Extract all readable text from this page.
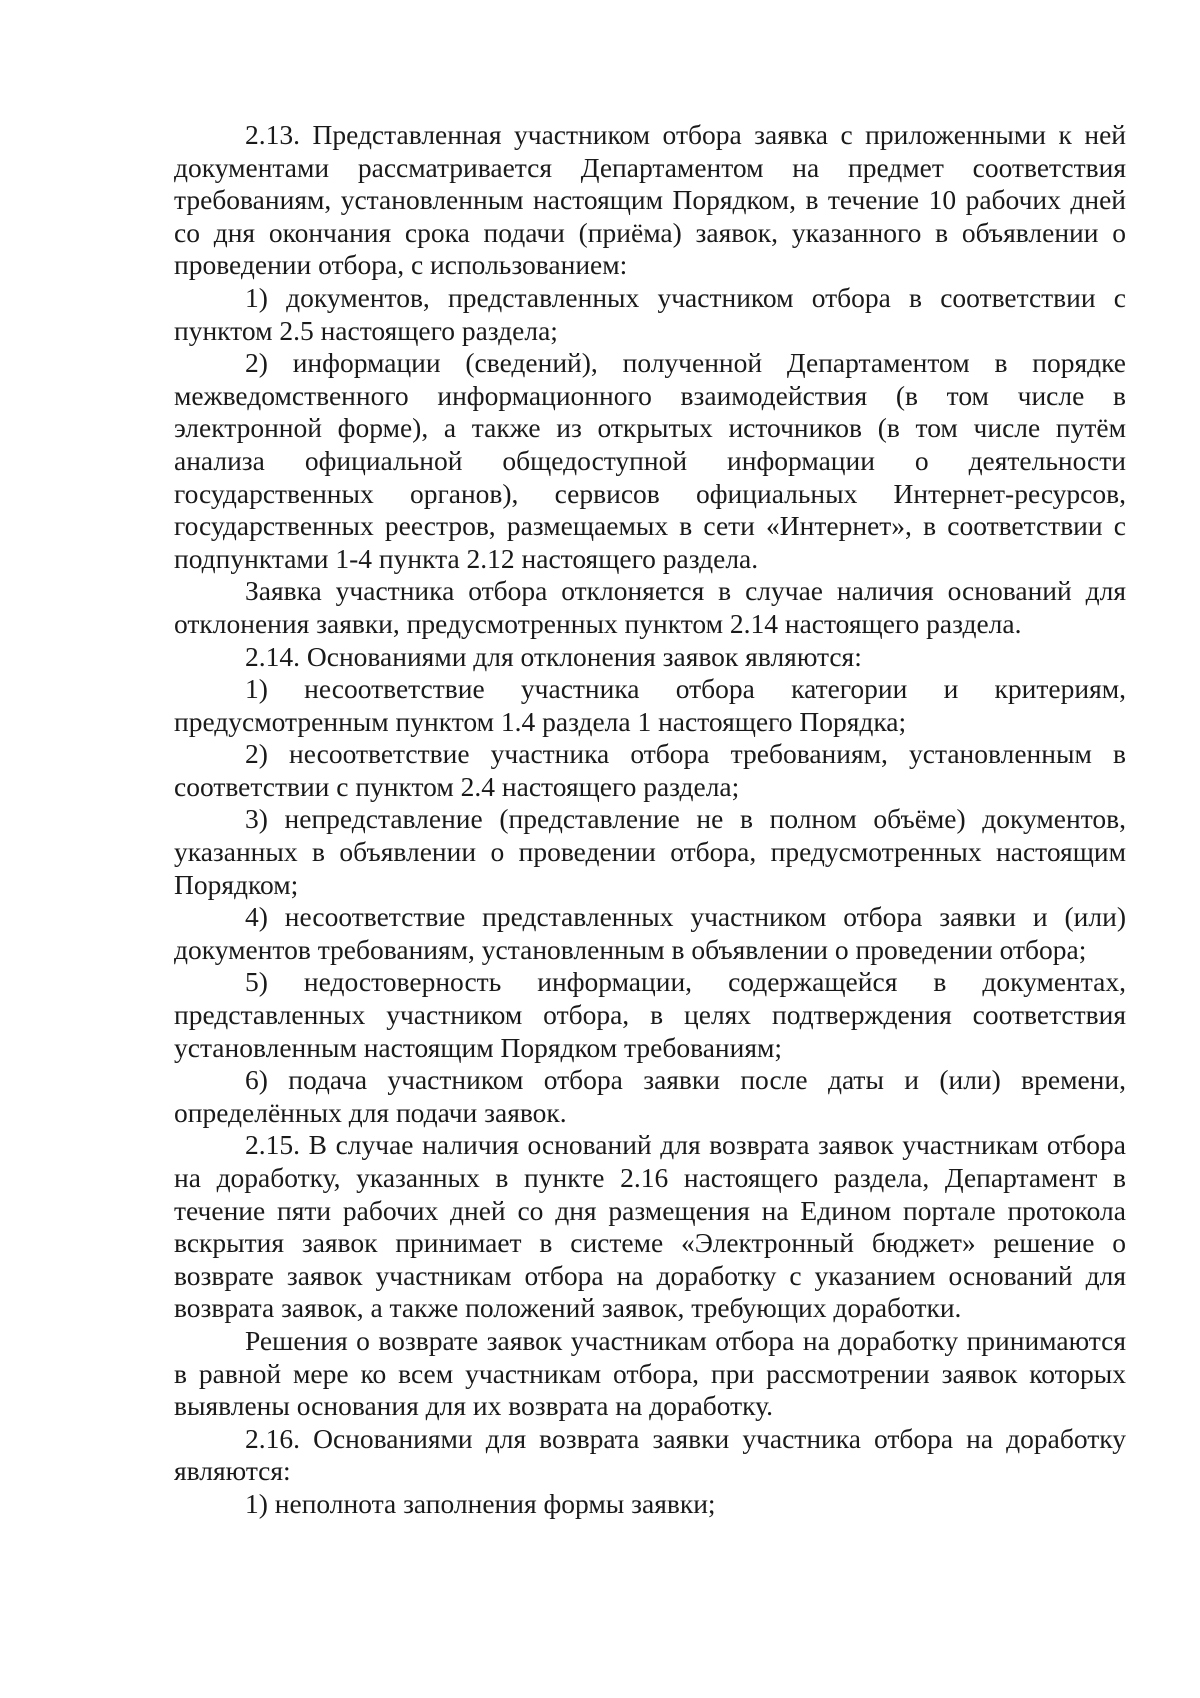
2.13. Представленная участником отбора заявка с приложенными к ней документами рассматривается Департаментом на предмет соответствия требованиям, установленным настоящим Порядком, в течение 10 рабочих дней со дня окончания срока подачи (приёма) заявок, указанного в объявлении о проведении отбора, с использованием:

1) документов, представленных участником отбора в соответствии с пунктом 2.5 настоящего раздела;

2) информации (сведений), полученной Департаментом в порядке межведомственного информационного взаимодействия (в том числе в электронной форме), а также из открытых источников (в том числе путём анализа официальной общедоступной информации о деятельности государственных органов), сервисов официальных Интернет-ресурсов, государственных реестров, размещаемых в сети «Интернет», в соответствии с подпунктами 1-4 пункта 2.12 настоящего раздела.

Заявка участника отбора отклоняется в случае наличия оснований для отклонения заявки, предусмотренных пунктом 2.14 настоящего раздела.

2.14. Основаниями для отклонения заявок являются:

1) несоответствие участника отбора категории и критериям, предусмотренным пунктом 1.4 раздела 1 настоящего Порядка;

2) несоответствие участника отбора требованиям, установленным в соответствии с пунктом 2.4 настоящего раздела;

3) непредставление (представление не в полном объёме) документов, указанных в объявлении о проведении отбора, предусмотренных настоящим Порядком;

4) несоответствие представленных участником отбора заявки и (или) документов требованиям, установленным в объявлении о проведении отбора;

5) недостоверность информации, содержащейся в документах, представленных участником отбора, в целях подтверждения соответствия установленным настоящим Порядком требованиям;

6) подача участником отбора заявки после даты и (или) времени, определённых для подачи заявок.

2.15. В случае наличия оснований для возврата заявок участникам отбора на доработку, указанных в пункте 2.16 настоящего раздела, Департамент в течение пяти рабочих дней со дня размещения на Едином портале протокола вскрытия заявок принимает в системе «Электронный бюджет» решение о возврате заявок участникам отбора на доработку с указанием оснований для возврата заявок, а также положений заявок, требующих доработки.

Решения о возврате заявок участникам отбора на доработку принимаются в равной мере ко всем участникам отбора, при рассмотрении заявок которых выявлены основания для их возврата на доработку.

2.16. Основаниями для возврата заявки участника отбора на доработку являются:

1) неполнота заполнения формы заявки;
